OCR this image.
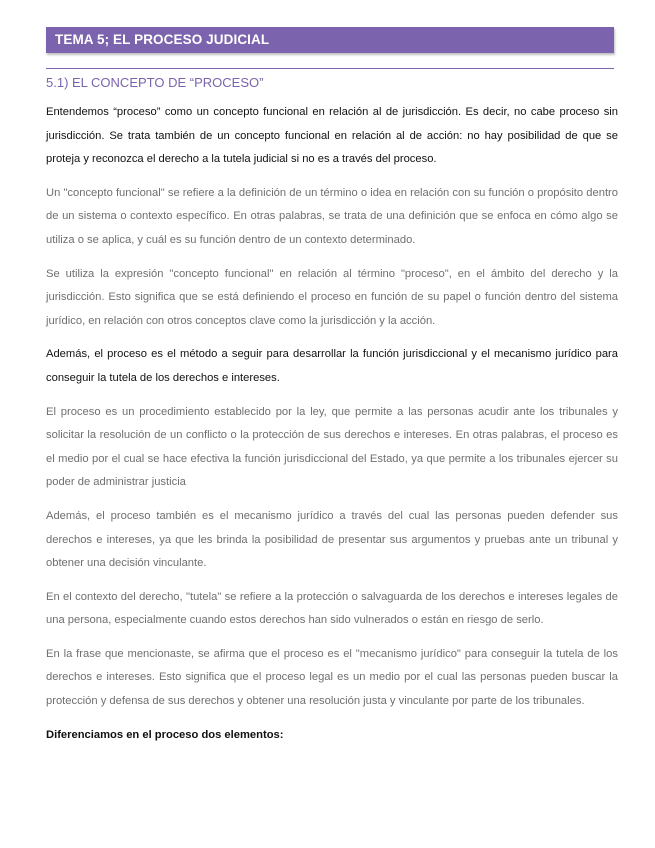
TEMA 5; EL PROCESO JUDICIAL
5.1) EL CONCEPTO DE “PROCESO”

Entendemos “proceso” como un concepto funcional en relación al de jurisdicción. Es decir, no cabe proceso sin jurisdicción. Se trata también de un concepto funcional en relación al de acción: no hay posibilidad de que se proteja y reconozca el derecho a la tutela judicial si no es a través del proceso.

Un "concepto funcional" se refiere a la definición de un término o idea en relación con su función o propósito dentro de un sistema o contexto específico. En otras palabras, se trata de una definición que se enfoca en cómo algo se utiliza o se aplica, y cuál es su función dentro de un contexto determinado.

Se utiliza la expresión "concepto funcional" en relación al término "proceso", en el ámbito del derecho y la jurisdicción. Esto significa que se está definiendo el proceso en función de su papel o función dentro del sistema jurídico, en relación con otros conceptos clave como la jurisdicción y la acción.

Además, el proceso es el método a seguir para desarrollar la función jurisdiccional y el mecanismo jurídico para conseguir la tutela de los derechos e intereses.

El proceso es un procedimiento establecido por la ley, que permite a las personas acudir ante los tribunales y solicitar la resolución de un conflicto o la protección de sus derechos e intereses. En otras palabras, el proceso es el medio por el cual se hace efectiva la función jurisdiccional del Estado, ya que permite a los tribunales ejercer su poder de administrar justicia

Además, el proceso también es el mecanismo jurídico a través del cual las personas pueden defender sus derechos e intereses, ya que les brinda la posibilidad de presentar sus argumentos y pruebas ante un tribunal y obtener una decisión vinculante.

En el contexto del derecho, "tutela" se refiere a la protección o salvaguarda de los derechos e intereses legales de una persona, especialmente cuando estos derechos han sido vulnerados o están en riesgo de serlo.

En la frase que mencionaste, se afirma que el proceso es el "mecanismo jurídico" para conseguir la tutela de los derechos e intereses. Esto significa que el proceso legal es un medio por el cual las personas pueden buscar la protección y defensa de sus derechos y obtener una resolución justa y vinculante por parte de los tribunales.

Diferenciamos en el proceso dos elementos:
